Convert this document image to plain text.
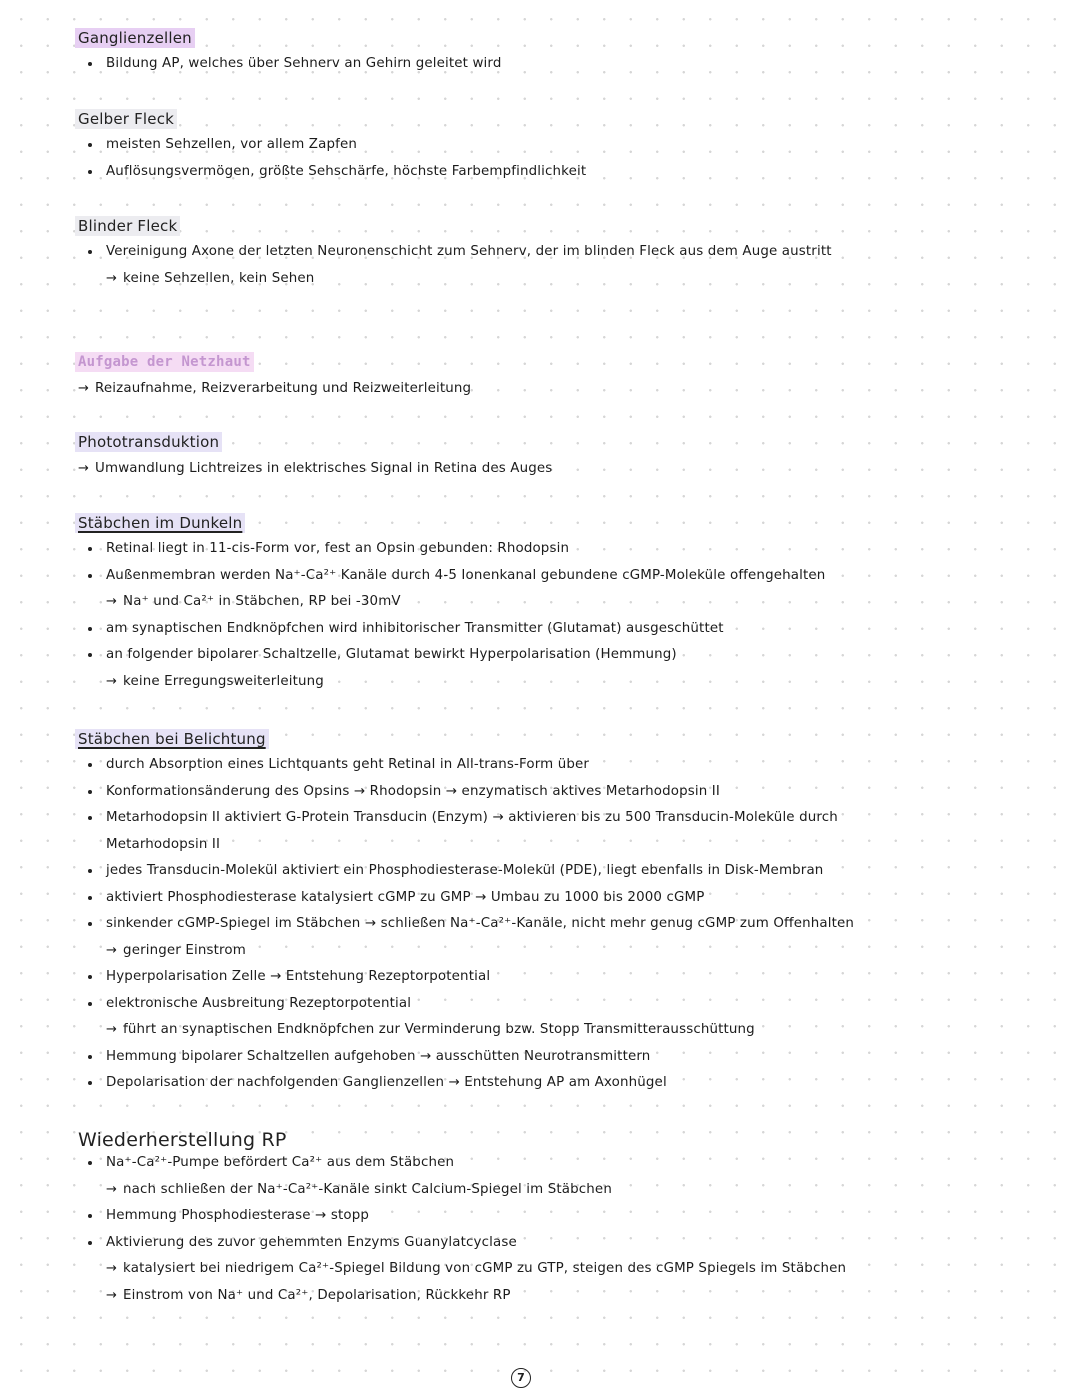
Ganglienzellen
Bildung AP, welches über Sehnerv an Gehirn geleitet wird
Gelber Fleck
meisten Sehzellen, vor allem Zapfen
Auflösungsvermögen, größte Sehschärfe, höchste Farbempfindlichkeit
Blinder Fleck
Vereinigung Axone der letzten Neuronenschicht zum Sehnerv, der im blinden Fleck aus dem Auge austritt
→ keine Sehzellen, kein Sehen
Aufgabe der Netzhaut
→ Reizaufnahme, Reizverarbeitung und Reizweiterleitung
Phototransduktion
→ Umwandlung Lichtreizes in elektrisches Signal in Retina des Auges
Stäbchen im Dunkeln
Retinal liegt in 11-cis-Form vor, fest an Opsin gebunden: Rhodopsin
Außenmembran werden Na⁺-Ca²⁺ Kanäle durch 4-5 Ionenkanal gebundene cGMP-Moleküle offengehalten
→ Na⁺ und Ca²⁺ in Stäbchen, RP bei -30mV
am synaptischen Endknöpfchen wird inhibitorischer Transmitter (Glutamat) ausgeschüttet
an folgender bipolarer Schaltzelle, Glutamat bewirkt Hyperpolarisation (Hemmung)
→ keine Erregungsweiterleitung
Stäbchen bei Belichtung
durch Absorption eines Lichtquants geht Retinal in All-trans-Form über
Konformationsänderung des Opsins → Rhodopsin → enzymatisch aktives Metarhodopsin II
Metarhodopsin II aktiviert G-Protein Transducin (Enzym) → aktivieren bis zu 500 Transducin-Moleküle durch
Metarhodopsin II
jedes Transducin-Molekül aktiviert ein Phosphodiesterase-Molekül (PDE), liegt ebenfalls in Disk-Membran
aktiviert Phosphodiesterase katalysiert cGMP zu GMP → Umbau zu 1000 bis 2000 cGMP
sinkender cGMP-Spiegel im Stäbchen → schließen Na⁺-Ca²⁺-Kanäle, nicht mehr genug cGMP zum Offenhalten
→ geringer Einstrom
Hyperpolarisation Zelle → Entstehung Rezeptorpotential
elektronische Ausbreitung Rezeptorpotential
→ führt an synaptischen Endknöpfchen zur Verminderung bzw. Stopp Transmitterausschüttung
Hemmung bipolarer Schaltzellen aufgehoben → ausschütten Neurotransmittern
Depolarisation der nachfolgenden Ganglienzellen → Entstehung AP am Axonhügel
Wiederherstellung RP
Na⁺-Ca²⁺-Pumpe befördert Ca²⁺ aus dem Stäbchen
→ nach schließen der Na⁺-Ca²⁺-Kanäle sinkt Calcium-Spiegel im Stäbchen
Hemmung Phosphodiesterase → stopp
Aktivierung des zuvor gehemmten Enzyms Guanylatcyclase
→ katalysiert bei niedrigem Ca²⁺-Spiegel Bildung von cGMP zu GTP, steigen des cGMP Spiegels im Stäbchen
→ Einstrom von Na⁺ und Ca²⁺, Depolarisation, Rückkehr RP
7
